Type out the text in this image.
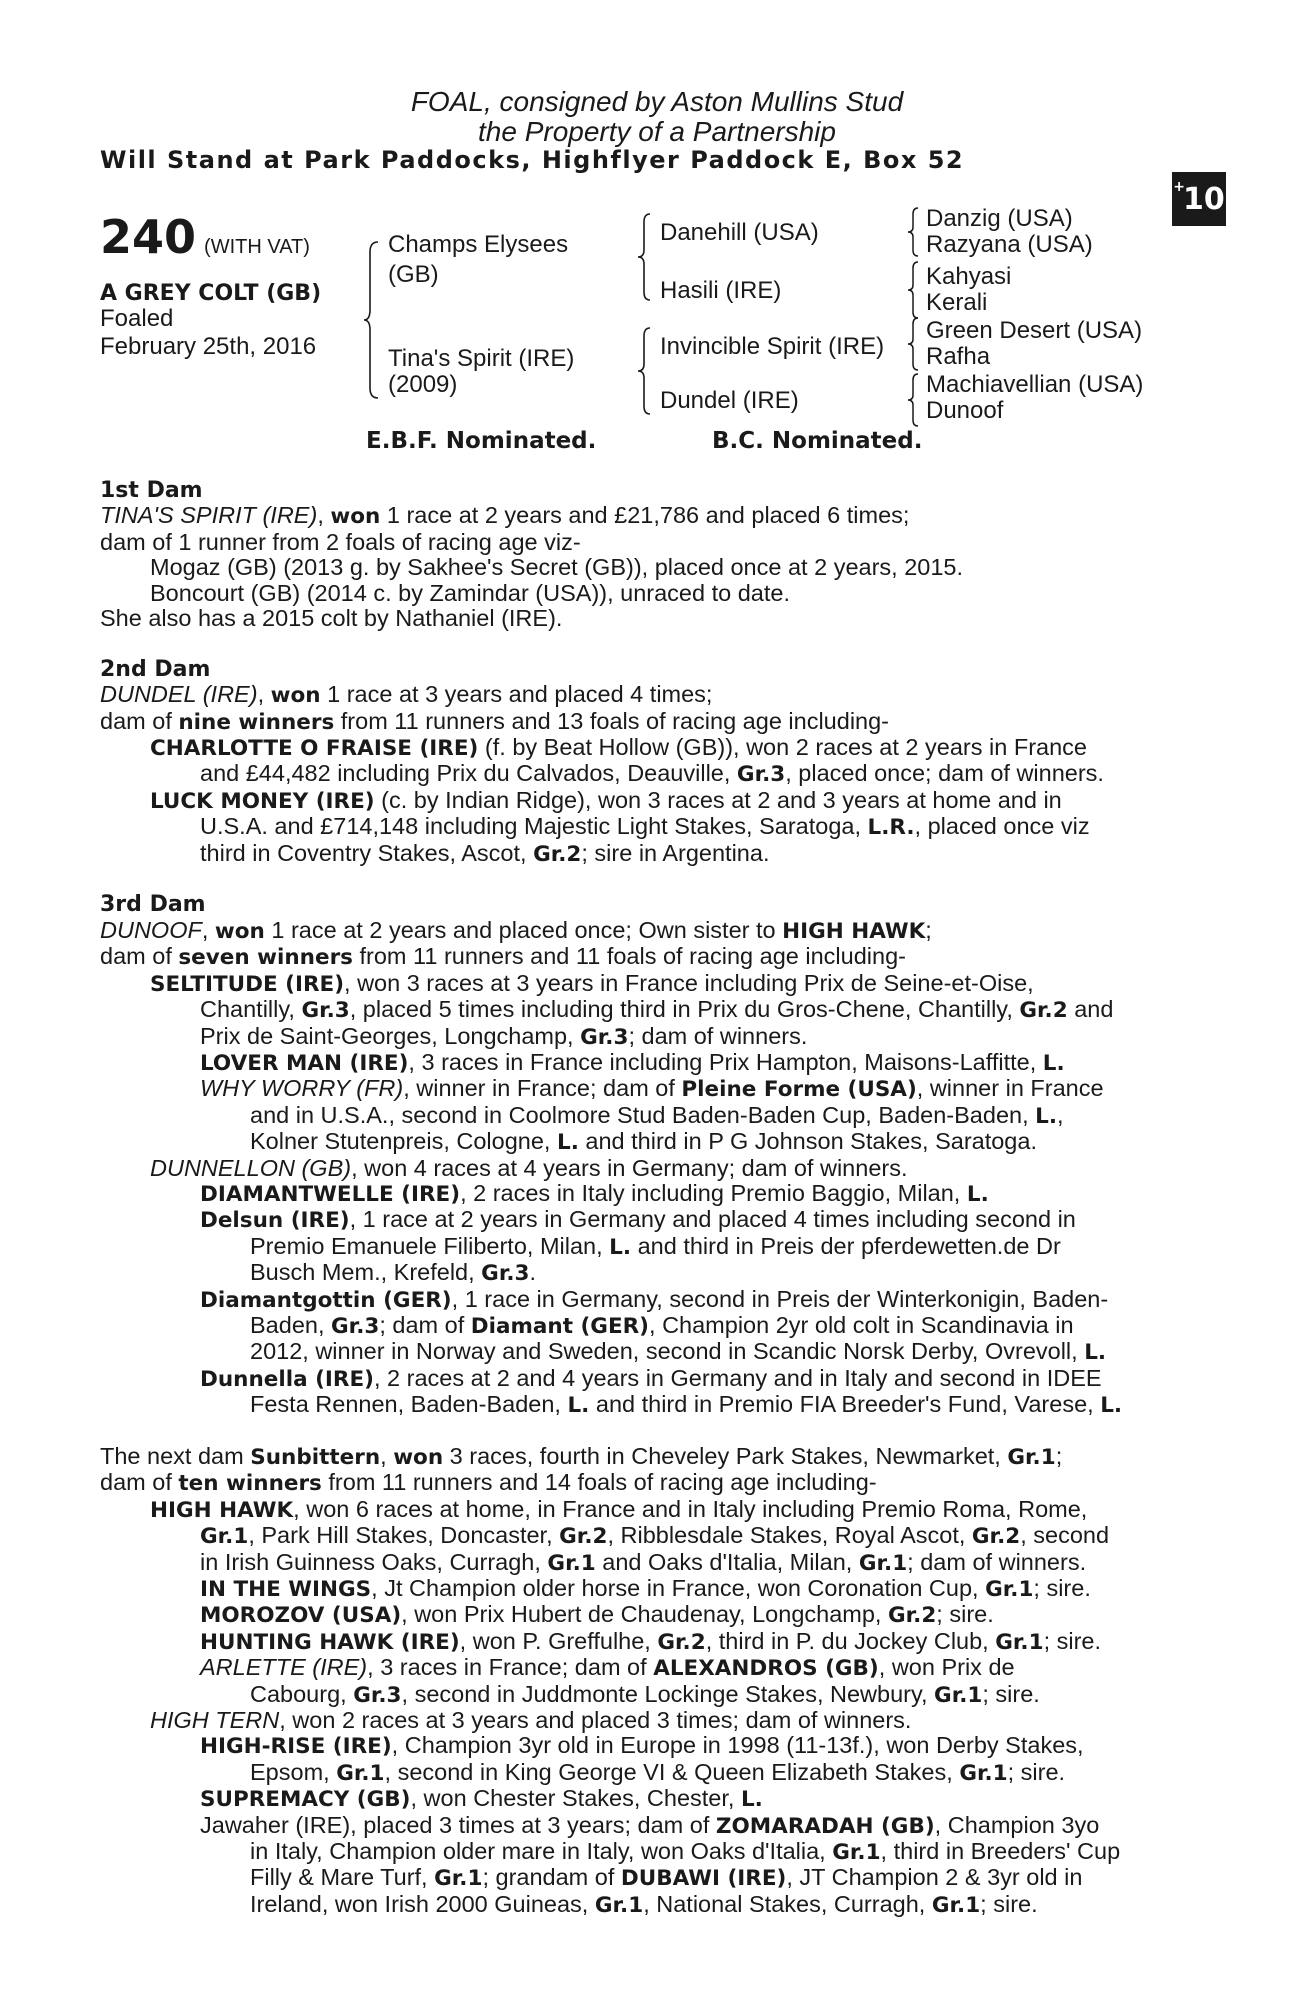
FOAL, consigned by Aston Mullins Stud
the Property of a Partnership
Will Stand at Park Paddocks, Highflyer Paddock E, Box 52
+
10
240 (WITH VAT)
A GREY COLT (GB)
Foaled
February 25th, 2016
Champs Elysees
(GB)
Tina's Spirit (IRE)
(2009)
Danehill (USA)
Hasili (IRE)
Invincible Spirit (IRE)
Dundel (IRE)
Danzig (USA)
Razyana (USA)
Kahyasi
Kerali
Green Desert (USA)
Rafha
Machiavellian (USA)
Dunoof
E.B.F. Nominated.	B.C. Nominated.

1st Dam

TINA'S SPIRIT (IRE), won 1 race at 2 years and £21,786 and placed 6 times;

dam of 1 runner from 2 foals of racing age viz-

Mogaz (GB) (2013 g. by Sakhee's Secret (GB)), placed once at 2 years, 2015.

Boncourt (GB) (2014 c. by Zamindar (USA)), unraced to date.

She also has a 2015 colt by Nathaniel (IRE).

2nd Dam

DUNDEL (IRE), won 1 race at 3 years and placed 4 times;

dam of nine winners from 11 runners and 13 foals of racing age including-

CHARLOTTE O FRAISE (IRE) (f. by Beat Hollow (GB)), won 2 races at 2 years in France

and £44,482 including Prix du Calvados, Deauville, Gr.3, placed once; dam of winners.

LUCK MONEY (IRE) (c. by Indian Ridge), won 3 races at 2 and 3 years at home and in

U.S.A. and £714,148 including Majestic Light Stakes, Saratoga, L.R., placed once viz

third in Coventry Stakes, Ascot, Gr.2; sire in Argentina.

3rd Dam

DUNOOF, won 1 race at 2 years and placed once; Own sister to HIGH HAWK;

dam of seven winners from 11 runners and 11 foals of racing age including-

SELTITUDE (IRE), won 3 races at 3 years in France including Prix de Seine-et-Oise,

Chantilly, Gr.3, placed 5 times including third in Prix du Gros-Chene, Chantilly, Gr.2 and

Prix de Saint-Georges, Longchamp, Gr.3; dam of winners.

LOVER MAN (IRE), 3 races in France including Prix Hampton, Maisons-Laffitte, L.

WHY WORRY (FR), winner in France; dam of Pleine Forme (USA), winner in France

and in U.S.A., second in Coolmore Stud Baden-Baden Cup, Baden-Baden, L.,

Kolner Stutenpreis, Cologne, L. and third in P G Johnson Stakes, Saratoga.

DUNNELLON (GB), won 4 races at 4 years in Germany; dam of winners.

DIAMANTWELLE (IRE), 2 races in Italy including Premio Baggio, Milan, L.

Delsun (IRE), 1 race at 2 years in Germany and placed 4 times including second in

Premio Emanuele Filiberto, Milan, L. and third in Preis der pferdewetten.de Dr

Busch Mem., Krefeld, Gr.3.

Diamantgottin (GER), 1 race in Germany, second in Preis der Winterkonigin, Baden-

Baden, Gr.3; dam of Diamant (GER), Champion 2yr old colt in Scandinavia in

2012, winner in Norway and Sweden, second in Scandic Norsk Derby, Ovrevoll, L.

Dunnella (IRE), 2 races at 2 and 4 years in Germany and in Italy and second in IDEE

Festa Rennen, Baden-Baden, L. and third in Premio FIA Breeder's Fund, Varese, L.

The next dam Sunbittern, won 3 races, fourth in Cheveley Park Stakes, Newmarket, Gr.1;

dam of ten winners from 11 runners and 14 foals of racing age including-

HIGH HAWK, won 6 races at home, in France and in Italy including Premio Roma, Rome,

Gr.1, Park Hill Stakes, Doncaster, Gr.2, Ribblesdale Stakes, Royal Ascot, Gr.2, second

in Irish Guinness Oaks, Curragh, Gr.1 and Oaks d'Italia, Milan, Gr.1; dam of winners.

IN THE WINGS, Jt Champion older horse in France, won Coronation Cup, Gr.1; sire.

MOROZOV (USA), won Prix Hubert de Chaudenay, Longchamp, Gr.2; sire.

HUNTING HAWK (IRE), won P. Greffulhe, Gr.2, third in P. du Jockey Club, Gr.1; sire.

ARLETTE (IRE), 3 races in France; dam of ALEXANDROS (GB), won Prix de

Cabourg, Gr.3, second in Juddmonte Lockinge Stakes, Newbury, Gr.1; sire.

HIGH TERN, won 2 races at 3 years and placed 3 times; dam of winners.

HIGH-RISE (IRE), Champion 3yr old in Europe in 1998 (11-13f.), won Derby Stakes,

Epsom, Gr.1, second in King George VI & Queen Elizabeth Stakes, Gr.1; sire.

SUPREMACY (GB), won Chester Stakes, Chester, L.

Jawaher (IRE), placed 3 times at 3 years; dam of ZOMARADAH (GB), Champion 3yo

in Italy, Champion older mare in Italy, won Oaks d'Italia, Gr.1, third in Breeders' Cup

Filly & Mare Turf, Gr.1; grandam of DUBAWI (IRE), JT Champion 2 & 3yr old in

Ireland, won Irish 2000 Guineas, Gr.1, National Stakes, Curragh, Gr.1; sire.
